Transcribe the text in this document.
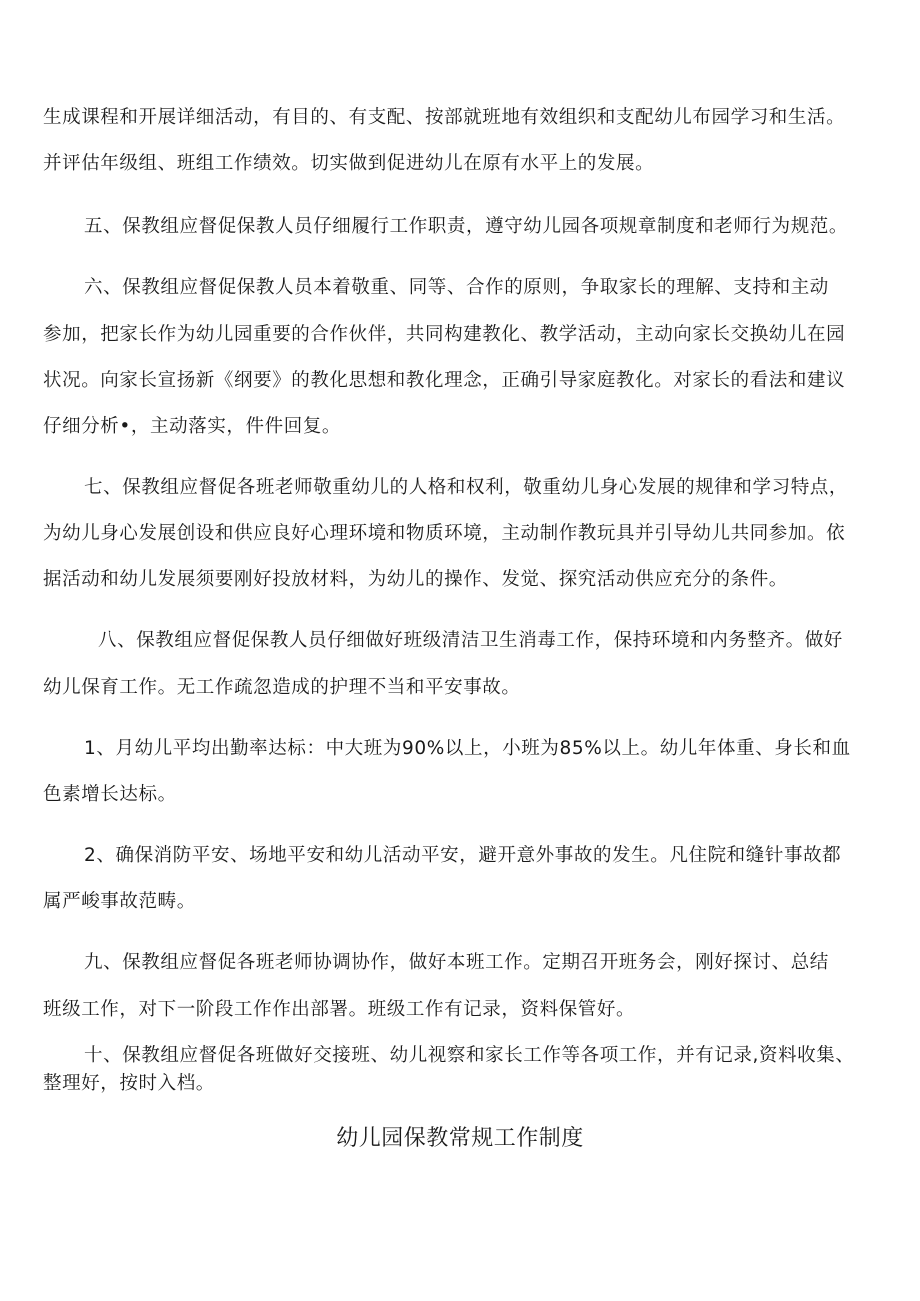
生成课程和开展详细活动，有目的、有支配、按部就班地有效组织和支配幼儿布园学习和生活。

并评估年级组、班组工作绩效。切实做到促进幼儿在原有水平上的发展。

五、保教组应督促保教人员仔细履行工作职责，遵守幼儿园各项规章制度和老师行为规范。

六、保教组应督促保教人员本着敬重、同等、合作的原则，争取家长的理解、支持和主动

参加，把家长作为幼儿园重要的合作伙伴，共同构建教化、教学活动，主动向家长交换幼儿在园

状况。向家长宣扬新《纲要》的教化思想和教化理念，正确引导家庭教化。对家长的看法和建议

仔细分析•，主动落实，件件回复。

七、保教组应督促各班老师敬重幼儿的人格和权利，敬重幼儿身心发展的规律和学习特点，

为幼儿身心发展创设和供应良好心理环境和物质环境，主动制作教玩具并引导幼儿共同参加。依

据活动和幼儿发展须要刚好投放材料，为幼儿的操作、发觉、探究活动供应充分的条件。

八、保教组应督促保教人员仔细做好班级清洁卫生消毒工作，保持环境和内务整齐。做好

幼儿保育工作。无工作疏忽造成的护理不当和平安事故。

1、月幼儿平均出勤率达标：中大班为90%以上，小班为85%以上。幼儿年体重、身长和血

色素增长达标。

2、确保消防平安、场地平安和幼儿活动平安，避开意外事故的发生。凡住院和缝针事故都

属严峻事故范畴。

九、保教组应督促各班老师协调协作，做好本班工作。定期召开班务会，刚好探讨、总结

班级工作，对下一阶段工作作出部署。班级工作有记录，资料保管好。

十、保教组应督促各班做好交接班、幼儿视察和家长工作等各项工作，并有记录,资料收集、

整理好，按时入档。

幼儿园保教常规工作制度
